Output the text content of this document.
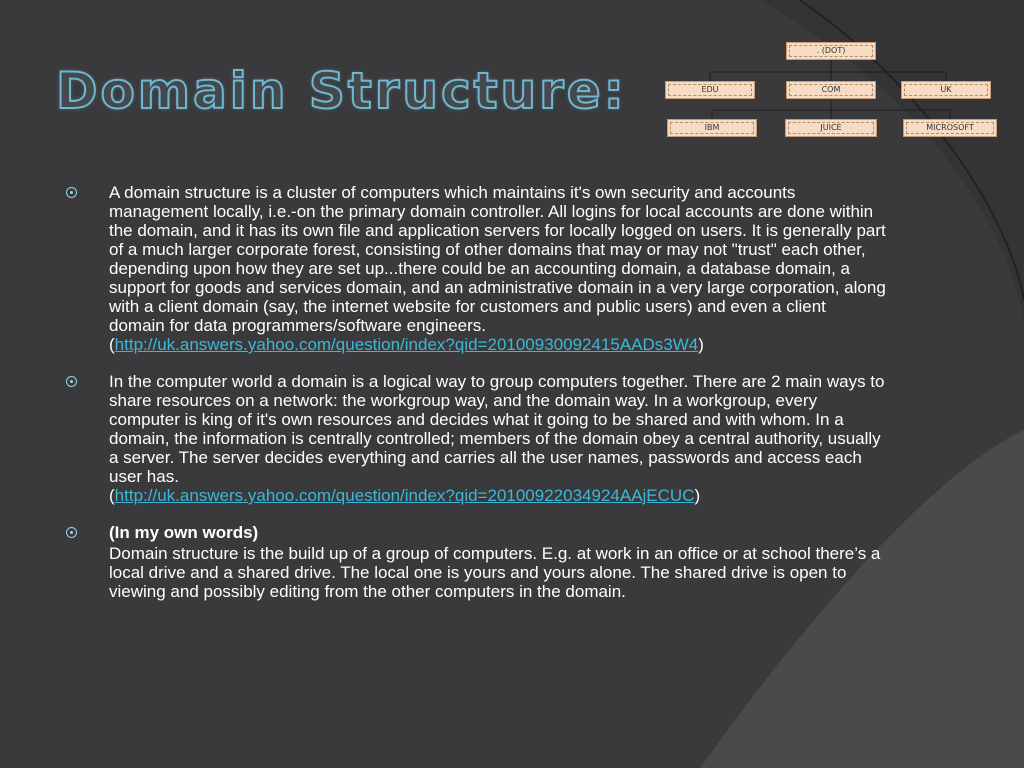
Domain Structure:
. (DOT)
EDU	COM	UK
IBM	JUICE	MICROSOFT

A domain structure is a cluster of computers which maintains it's own security and accounts management locally, i.e.-on the primary domain controller. All logins for local accounts are done within the domain, and it has its own file and application servers for locally logged on users. It is generally part of a much larger corporate forest, consisting of other domains that may or may not "trust" each other, depending upon how they are set up...there could be an accounting domain, a database domain, a support for goods and services domain, and an administrative domain in a very large corporation, along with a client domain (say, the internet website for customers and public users) and even a client domain for data programmers/software engineers.
(http://uk.answers.yahoo.com/question/index?qid=20100930092415AADs3W4)

In the computer world a domain is a logical way to group computers together. There are 2 main ways to share resources on a network: the workgroup way, and the domain way. In a workgroup, every computer is king of it's own resources and decides what it going to be shared and with whom. In a domain, the information is centrally controlled; members of the domain obey a central authority, usually a server. The server decides everything and carries all the user names, passwords and access each user has.
(http://uk.answers.yahoo.com/question/index?qid=20100922034924AAjECUC)

(In my own words)

Domain structure is the build up of a group of computers. E.g. at work in an office or at school there’s a local drive and a shared drive. The local one is yours and yours alone. The shared drive is open to viewing and possibly editing from the other computers in the domain.
